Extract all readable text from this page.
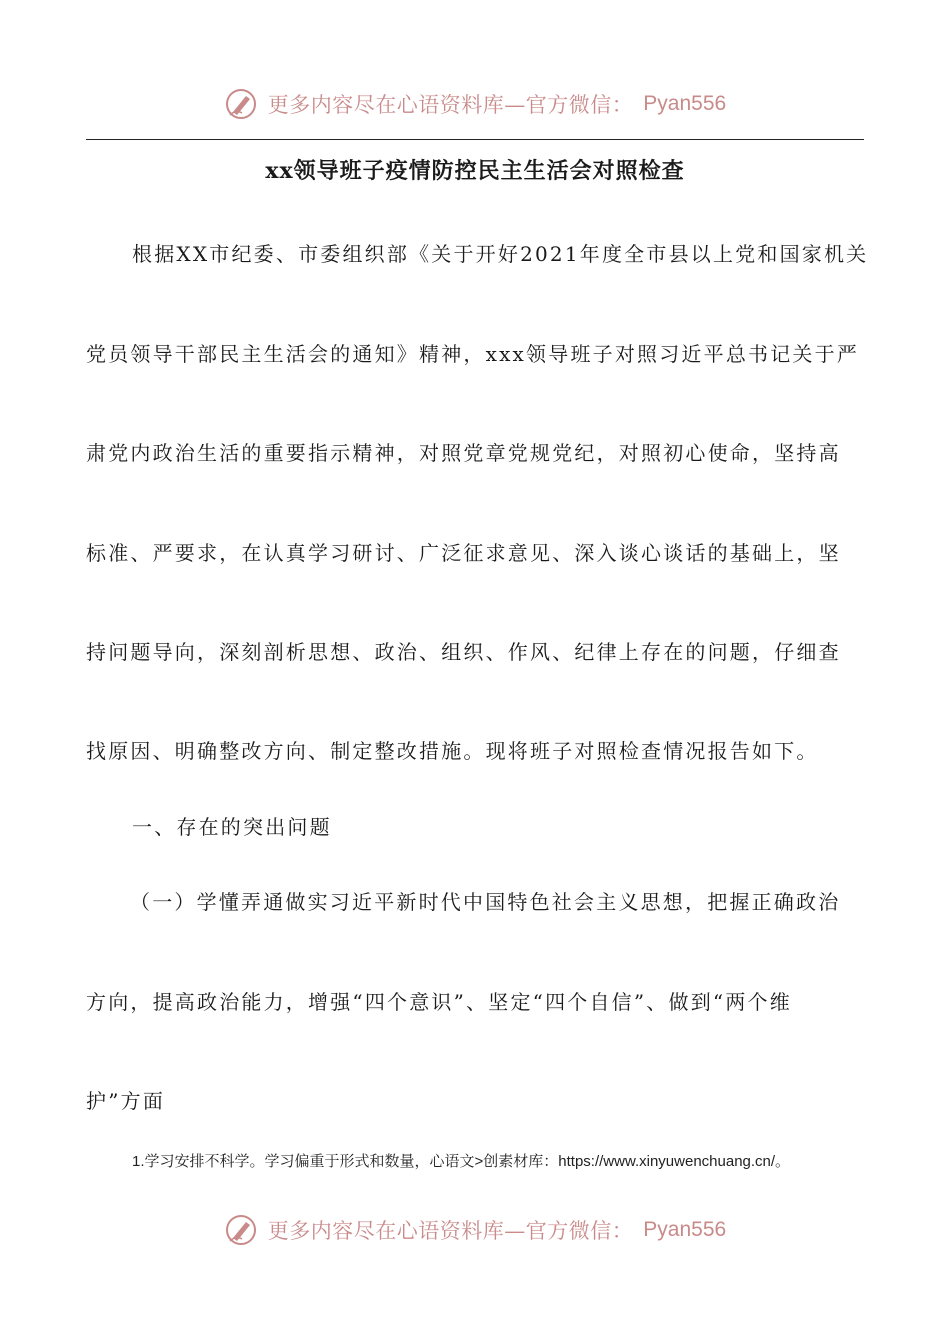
更多内容尽在心语资料库—官方微信： Pyan556
xx领导班子疫情防控民主生活会对照检查

根据XX市纪委、市委组织部《关于开好2021年度全市县以上党和国家机关

党员领导干部民主生活会的通知》精神，xxx领导班子对照习近平总书记关于严

肃党内政治生活的重要指示精神，对照党章党规党纪，对照初心使命，坚持高

标准、严要求，在认真学习研讨、广泛征求意见、深入谈心谈话的基础上，坚

持问题导向，深刻剖析思想、政治、组织、作风、纪律上存在的问题，仔细查

找原因、明确整改方向、制定整改措施。现将班子对照检查情况报告如下。

一、存在的突出问题

（一）学懂弄通做实习近平新时代中国特色社会主义思想，把握正确政治

方向，提高政治能力，增强“四个意识”、坚定“四个自信”、做到“两个维

护”方面

1.学习安排不科学。学习偏重于形式和数量，心语文>创素材库：https://www.xinyuwenchuang.cn/。

更多内容尽在心语资料库—官方微信： Pyan556
